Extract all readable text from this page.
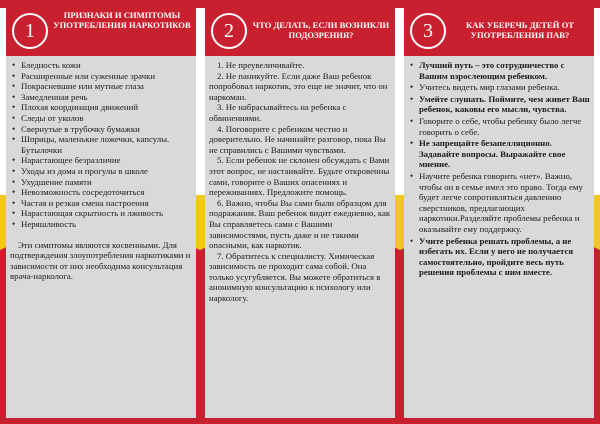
1
ПРИЗНАКИ И СИМПТОМЫ УПОТРЕБЛЕНИЯ НАРКОТИКОВ
• Бледность кожи
• Расширенные или суженные зрачки
• Покрасневшие или мутные глаза
• Замедленная речь
• Плохая координация движений
• Следы от уколов
• Свернутые в трубочку бумажки
• Шприцы, маленькие ложечки, капсулы. Бутылочки
• Нарастающее безразличие
• Уходы из дома и прогулы в школе
• Ухудшение памяти
• Невозможность сосредоточиться
• Частая и резкая смена настроения
• Нарастающая скрытность и лживость
• Неряшливость

Эти симптомы являются косвенными. Для подтверждения злоупотребления наркотиками и зависимости от них необходима консультация врача-нарколога.

2	ЧТО ДЕЛАТЬ, ЕСЛИ ВОЗНИКЛИ ПОДОЗРЕНИЯ?

1. Не преувеличивайте.

2. Не паникуйте. Если даже Ваш ребенок попробовал наркотик, это еще не значит, что он наркоман.

3. Не набрасывайтесь на ребенка с обвинениями.

4. Поговорите с ребенком честно и доверительно. Не начинайте разговор, пока Вы не справились с Вашими чувствами.

5. Если ребенок не склонен обсуждать с Вами этот вопрос, не настаивайте. Будьте откровенны сами, говорите о Ваших опасениях и переживаниях. Предложите помощь.

6. Важно, чтобы Вы сами были образцом для подражания. Ваш ребенок видит ежедневно, как Вы справляетесь сами с Вашими зависимостями, пусть даже и не такими опасными, как наркотик.

7. Обратитесь к специалисту. Химическая зависимость не проходит сама собой. Она только усугубляется. Вы можете обратиться в анонимную консультацию к психологу или наркологу.

3	КАК УБЕРЕЧЬ ДЕТЕЙ ОТ УПОТРЕБЛЕНИЯ ПАВ?
• Лучший путь – это сотрудничество с Вашим взрослеющим ребенком.
• Учитесь видеть мир глазами ребенка.
• Умейте слушать. Поймите, чем живет Ваш ребенок, каковы его мысли, чувства.
• Говорите о себе, чтобы ребенку было легче говорить о себе.
• Не запрещайте безапелляционно. Задавайте вопросы. Выражайте свое мнение.
• Научите ребенка говорить «нет». Важно, чтобы он в семье имел это право. Тогда ему будет легче сопротивляться давлению сверстников, предлагающих наркотики.Разделяйте проблемы ребенка и оказывайте ему поддержку.
• Учите ребенка решать проблемы, а не избегать их. Если у него не получается самостоятельно, пройдите весь путь решения проблемы с ним вместе.
